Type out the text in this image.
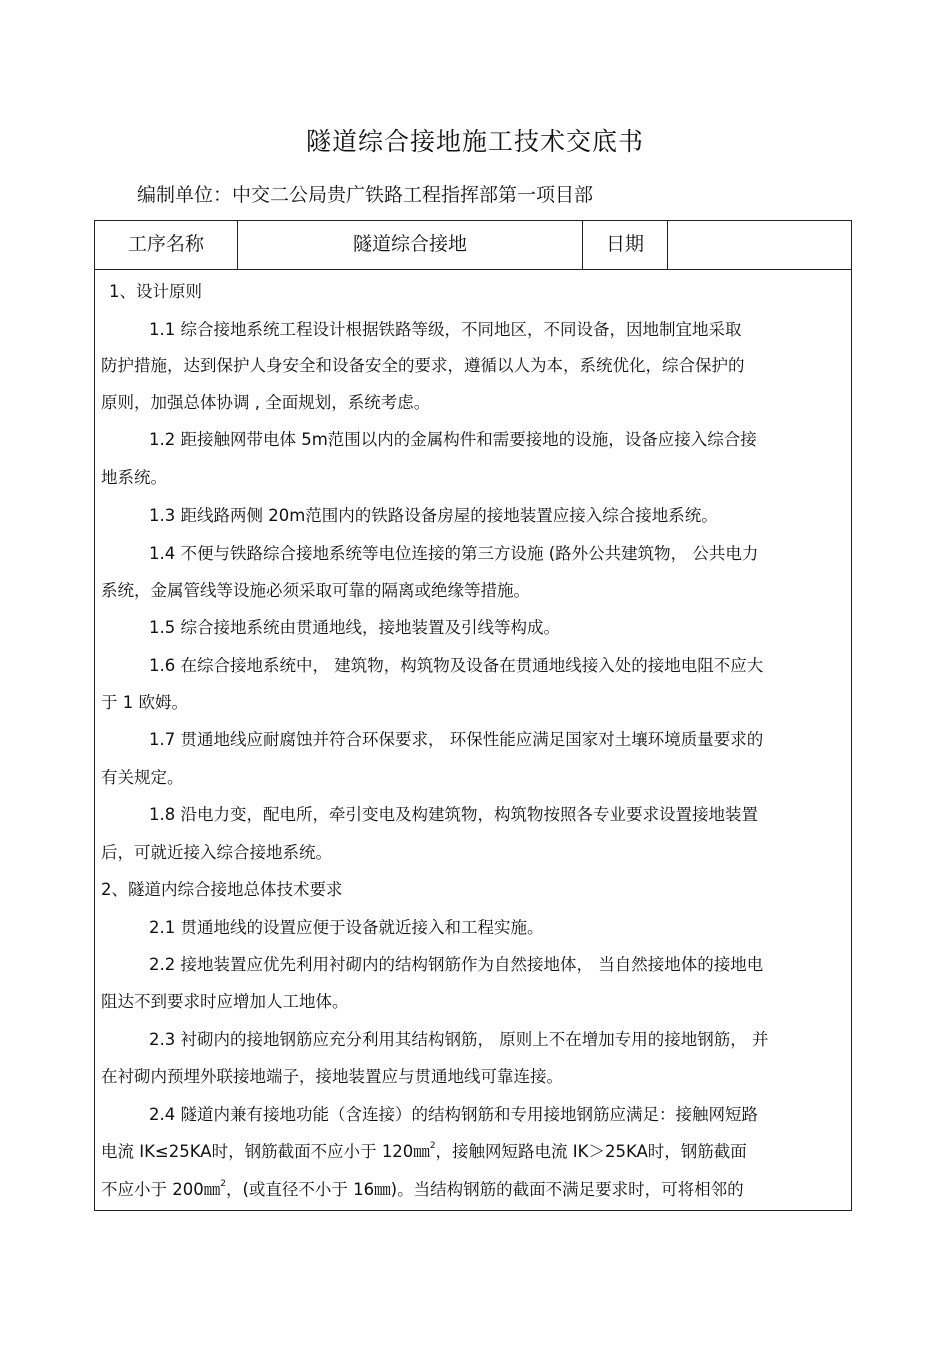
隧道综合接地施工技术交底书
编制单位：中交二公局贵广铁路工程指挥部第一项目部
工序名称	隧道综合接地	日期
1、设计原则
1.1 综合接地系统工程设计根据铁路等级，不同地区，不同设备，因地制宜地采取
防护措施，达到保护人身安全和设备安全的要求，遵循以人为本，系统优化，综合保护的
原则，加强总体协调 , 全面规划，系统考虑。
1.2 距接触网带电体 5m范围以内的金属构件和需要接地的设施，设备应接入综合接
地系统。
1.3 距线路两侧 20m范围内的铁路设备房屋的接地装置应接入综合接地系统。
1.4 不便与铁路综合接地系统等电位连接的第三方设施 (路外公共建筑物， 公共电力
系统，金属管线等设施必须采取可靠的隔离或绝缘等措施。
1.5 综合接地系统由贯通地线，接地装置及引线等构成。
1.6 在综合接地系统中， 建筑物，构筑物及设备在贯通地线接入处的接地电阻不应大
于 1 欧姆。
1.7 贯通地线应耐腐蚀并符合环保要求， 环保性能应满足国家对土壤环境质量要求的
有关规定。
1.8 沿电力变，配电所，牵引变电及构建筑物，构筑物按照各专业要求设置接地装置
后，可就近接入综合接地系统。
2、隧道内综合接地总体技术要求
2.1 贯通地线的设置应便于设备就近接入和工程实施。
2.2 接地装置应优先利用衬砌内的结构钢筋作为自然接地体， 当自然接地体的接地电
阻达不到要求时应增加人工地体。
2.3 衬砌内的接地钢筋应充分利用其结构钢筋， 原则上不在增加专用的接地钢筋， 并
在衬砌内预埋外联接地端子，接地装置应与贯通地线可靠连接。
2.4 隧道内兼有接地功能（含连接）的结构钢筋和专用接地钢筋应满足：接触网短路
电流 IK≤25KA时，钢筋截面不应小于 120㎜$^2$，接触网短路电流 IK＞25KA时，钢筋截面
不应小于 200㎜$^2$，(或直径不小于 16㎜)。当结构钢筋的截面不满足要求时，可将相邻的
